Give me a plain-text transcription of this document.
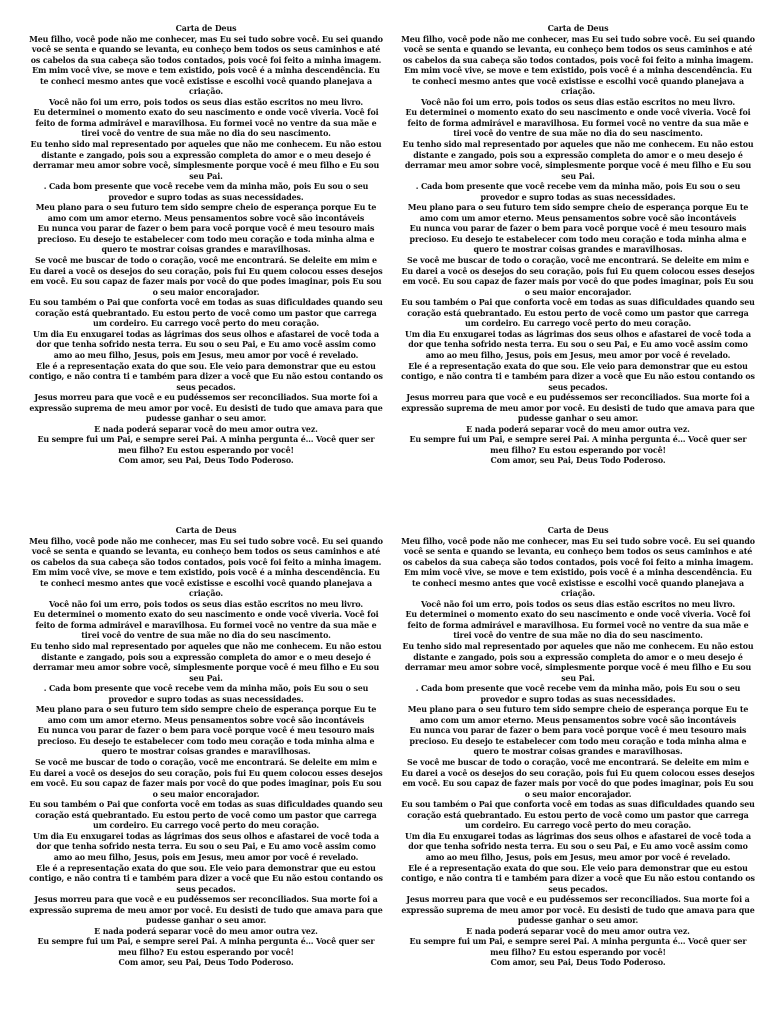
Carta de Deus

Meu filho, você pode não me conhecer, mas Eu sei tudo sobre você. Eu sei quando você se senta e quando se levanta, eu conheço bem todos os seus caminhos e até os cabelos da sua cabeça são todos contados, pois você foi feito a minha imagem.

Em mim você vive, se move e tem existido, pois você é a minha descendência. Eu te conheci mesmo antes que você existisse e escolhi você quando planejava a criação.

Você não foi um erro, pois todos os seus dias estão escritos no meu livro.

Eu determinei o momento exato do seu nascimento e onde você viveria. Você foi feito de forma admirável e maravilhosa. Eu formei você no ventre da sua mãe e tirei você do ventre de sua mãe no dia do seu nascimento.

Eu tenho sido mal representado por aqueles que não me conhecem. Eu não estou distante e zangado, pois sou a expressão completa do amor e o meu desejo é derramar meu amor sobre você, simplesmente porque você é meu filho e Eu sou seu Pai.

. Cada bom presente que você recebe vem da minha mão, pois Eu sou o seu provedor e supro todas as suas necessidades.

Meu plano para o seu futuro tem sido sempre cheio de esperança porque Eu te amo com um amor eterno. Meus pensamentos sobre você são incontáveis

Eu nunca vou parar de fazer o bem para você porque você é meu tesouro mais precioso. Eu desejo te estabelecer com todo meu coração e toda minha alma e quero te mostrar coisas grandes e maravilhosas.

Se você me buscar de todo o coração, você me encontrará. Se deleite em mim e Eu darei a você os desejos do seu coração, pois fui Eu quem colocou esses desejos em você. Eu sou capaz de fazer mais por você do que podes imaginar, pois Eu sou o seu maior encorajador.

Eu sou também o Pai que conforta você em todas as suas dificuldades quando seu coração está quebrantado. Eu estou perto de você como um pastor que carrega um cordeiro. Eu carrego você perto do meu coração.

Um dia Eu enxugarei todas as lágrimas dos seus olhos e afastarei de você toda a dor que tenha sofrido nesta terra. Eu sou o seu Pai, e Eu amo você assim como amo ao meu filho, Jesus, pois em Jesus, meu amor por você é revelado.

Ele é a representação exata do que sou. Ele veio para demonstrar que eu estou contigo, e não contra ti e também para dizer a você que Eu não estou contando os seus pecados.

Jesus morreu para que você e eu pudéssemos ser reconciliados. Sua morte foi a expressão suprema de meu amor por você. Eu desisti de tudo que amava para que pudesse ganhar o seu amor.

E nada poderá separar você do meu amor outra vez.

Eu sempre fui um Pai, e sempre serei Pai. A minha pergunta é… Você quer ser meu filho? Eu estou esperando por você!

Com amor, seu Pai, Deus Todo Poderoso.

Carta de Deus

Meu filho, você pode não me conhecer, mas Eu sei tudo sobre você. Eu sei quando você se senta e quando se levanta, eu conheço bem todos os seus caminhos e até os cabelos da sua cabeça são todos contados, pois você foi feito a minha imagem.

Em mim você vive, se move e tem existido, pois você é a minha descendência. Eu te conheci mesmo antes que você existisse e escolhi você quando planejava a criação.

Você não foi um erro, pois todos os seus dias estão escritos no meu livro.

Eu determinei o momento exato do seu nascimento e onde você viveria. Você foi feito de forma admirável e maravilhosa. Eu formei você no ventre da sua mãe e tirei você do ventre de sua mãe no dia do seu nascimento.

Eu tenho sido mal representado por aqueles que não me conhecem. Eu não estou distante e zangado, pois sou a expressão completa do amor e o meu desejo é derramar meu amor sobre você, simplesmente porque você é meu filho e Eu sou seu Pai.

. Cada bom presente que você recebe vem da minha mão, pois Eu sou o seu provedor e supro todas as suas necessidades.

Meu plano para o seu futuro tem sido sempre cheio de esperança porque Eu te amo com um amor eterno. Meus pensamentos sobre você são incontáveis

Eu nunca vou parar de fazer o bem para você porque você é meu tesouro mais precioso. Eu desejo te estabelecer com todo meu coração e toda minha alma e quero te mostrar coisas grandes e maravilhosas.

Se você me buscar de todo o coração, você me encontrará. Se deleite em mim e Eu darei a você os desejos do seu coração, pois fui Eu quem colocou esses desejos em você. Eu sou capaz de fazer mais por você do que podes imaginar, pois Eu sou o seu maior encorajador.

Eu sou também o Pai que conforta você em todas as suas dificuldades quando seu coração está quebrantado. Eu estou perto de você como um pastor que carrega um cordeiro. Eu carrego você perto do meu coração.

Um dia Eu enxugarei todas as lágrimas dos seus olhos e afastarei de você toda a dor que tenha sofrido nesta terra. Eu sou o seu Pai, e Eu amo você assim como amo ao meu filho, Jesus, pois em Jesus, meu amor por você é revelado.

Ele é a representação exata do que sou. Ele veio para demonstrar que eu estou contigo, e não contra ti e também para dizer a você que Eu não estou contando os seus pecados.

Jesus morreu para que você e eu pudéssemos ser reconciliados. Sua morte foi a expressão suprema de meu amor por você. Eu desisti de tudo que amava para que pudesse ganhar o seu amor.

E nada poderá separar você do meu amor outra vez.

Eu sempre fui um Pai, e sempre serei Pai. A minha pergunta é… Você quer ser meu filho? Eu estou esperando por você!

Com amor, seu Pai, Deus Todo Poderoso.

Carta de Deus

Meu filho, você pode não me conhecer, mas Eu sei tudo sobre você. Eu sei quando você se senta e quando se levanta, eu conheço bem todos os seus caminhos e até os cabelos da sua cabeça são todos contados, pois você foi feito a minha imagem.

Em mim você vive, se move e tem existido, pois você é a minha descendência. Eu te conheci mesmo antes que você existisse e escolhi você quando planejava a criação.

Você não foi um erro, pois todos os seus dias estão escritos no meu livro.

Eu determinei o momento exato do seu nascimento e onde você viveria. Você foi feito de forma admirável e maravilhosa. Eu formei você no ventre da sua mãe e tirei você do ventre de sua mãe no dia do seu nascimento.

Eu tenho sido mal representado por aqueles que não me conhecem. Eu não estou distante e zangado, pois sou a expressão completa do amor e o meu desejo é derramar meu amor sobre você, simplesmente porque você é meu filho e Eu sou seu Pai.

. Cada bom presente que você recebe vem da minha mão, pois Eu sou o seu provedor e supro todas as suas necessidades.

Meu plano para o seu futuro tem sido sempre cheio de esperança porque Eu te amo com um amor eterno. Meus pensamentos sobre você são incontáveis

Eu nunca vou parar de fazer o bem para você porque você é meu tesouro mais precioso. Eu desejo te estabelecer com todo meu coração e toda minha alma e quero te mostrar coisas grandes e maravilhosas.

Se você me buscar de todo o coração, você me encontrará. Se deleite em mim e Eu darei a você os desejos do seu coração, pois fui Eu quem colocou esses desejos em você. Eu sou capaz de fazer mais por você do que podes imaginar, pois Eu sou o seu maior encorajador.

Eu sou também o Pai que conforta você em todas as suas dificuldades quando seu coração está quebrantado. Eu estou perto de você como um pastor que carrega um cordeiro. Eu carrego você perto do meu coração.

Um dia Eu enxugarei todas as lágrimas dos seus olhos e afastarei de você toda a dor que tenha sofrido nesta terra. Eu sou o seu Pai, e Eu amo você assim como amo ao meu filho, Jesus, pois em Jesus, meu amor por você é revelado.

Ele é a representação exata do que sou. Ele veio para demonstrar que eu estou contigo, e não contra ti e também para dizer a você que Eu não estou contando os seus pecados.

Jesus morreu para que você e eu pudéssemos ser reconciliados. Sua morte foi a expressão suprema de meu amor por você. Eu desisti de tudo que amava para que pudesse ganhar o seu amor.

E nada poderá separar você do meu amor outra vez.

Eu sempre fui um Pai, e sempre serei Pai. A minha pergunta é… Você quer ser meu filho? Eu estou esperando por você!

Com amor, seu Pai, Deus Todo Poderoso.

Carta de Deus

Meu filho, você pode não me conhecer, mas Eu sei tudo sobre você. Eu sei quando você se senta e quando se levanta, eu conheço bem todos os seus caminhos e até os cabelos da sua cabeça são todos contados, pois você foi feito a minha imagem.

Em mim você vive, se move e tem existido, pois você é a minha descendência. Eu te conheci mesmo antes que você existisse e escolhi você quando planejava a criação.

Você não foi um erro, pois todos os seus dias estão escritos no meu livro.

Eu determinei o momento exato do seu nascimento e onde você viveria. Você foi feito de forma admirável e maravilhosa. Eu formei você no ventre da sua mãe e tirei você do ventre de sua mãe no dia do seu nascimento.

Eu tenho sido mal representado por aqueles que não me conhecem. Eu não estou distante e zangado, pois sou a expressão completa do amor e o meu desejo é derramar meu amor sobre você, simplesmente porque você é meu filho e Eu sou seu Pai.

. Cada bom presente que você recebe vem da minha mão, pois Eu sou o seu provedor e supro todas as suas necessidades.

Meu plano para o seu futuro tem sido sempre cheio de esperança porque Eu te amo com um amor eterno. Meus pensamentos sobre você são incontáveis

Eu nunca vou parar de fazer o bem para você porque você é meu tesouro mais precioso. Eu desejo te estabelecer com todo meu coração e toda minha alma e quero te mostrar coisas grandes e maravilhosas.

Se você me buscar de todo o coração, você me encontrará. Se deleite em mim e Eu darei a você os desejos do seu coração, pois fui Eu quem colocou esses desejos em você. Eu sou capaz de fazer mais por você do que podes imaginar, pois Eu sou o seu maior encorajador.

Eu sou também o Pai que conforta você em todas as suas dificuldades quando seu coração está quebrantado. Eu estou perto de você como um pastor que carrega um cordeiro. Eu carrego você perto do meu coração.

Um dia Eu enxugarei todas as lágrimas dos seus olhos e afastarei de você toda a dor que tenha sofrido nesta terra. Eu sou o seu Pai, e Eu amo você assim como amo ao meu filho, Jesus, pois em Jesus, meu amor por você é revelado.

Ele é a representação exata do que sou. Ele veio para demonstrar que eu estou contigo, e não contra ti e também para dizer a você que Eu não estou contando os seus pecados.

Jesus morreu para que você e eu pudéssemos ser reconciliados. Sua morte foi a expressão suprema de meu amor por você. Eu desisti de tudo que amava para que pudesse ganhar o seu amor.

E nada poderá separar você do meu amor outra vez.

Eu sempre fui um Pai, e sempre serei Pai. A minha pergunta é… Você quer ser meu filho? Eu estou esperando por você!

Com amor, seu Pai, Deus Todo Poderoso.
